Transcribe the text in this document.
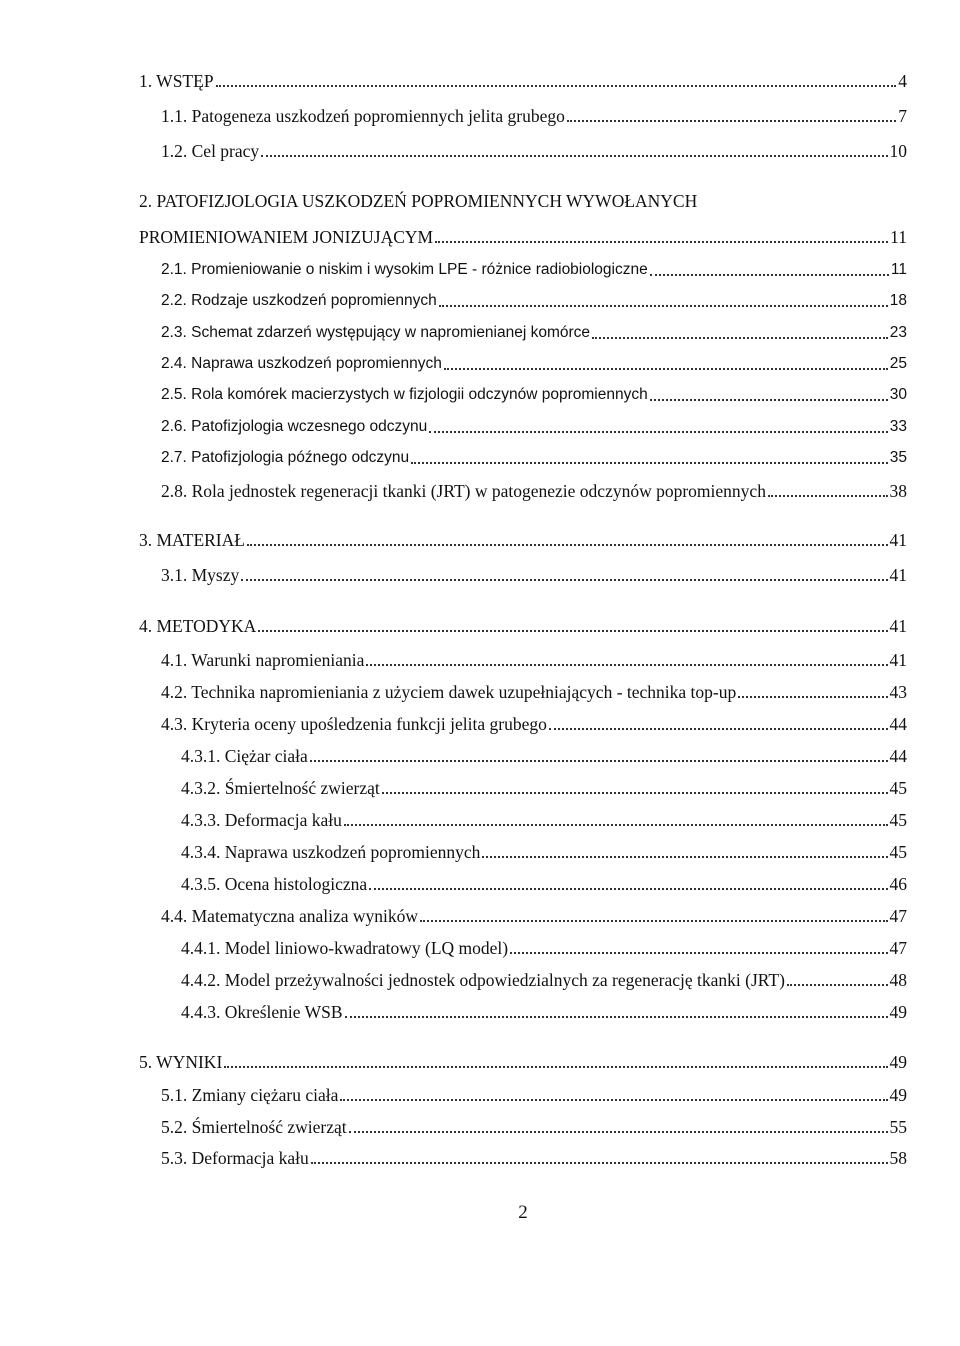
1. WSTĘP	4
1.1. Patogeneza uszkodzeń popromiennych jelita grubego	7
1.2. Cel pracy	10
2. PATOFIZJOLOGIA USZKODZEŃ POPROMIENNYCH WYWOŁANYCH
PROMIENIOWANIEM JONIZUJĄCYM	11
2.1. Promieniowanie o niskim i wysokim LPE - różnice radiobiologiczne	11
2.2. Rodzaje uszkodzeń popromiennych	18
2.3. Schemat zdarzeń występujący w napromienianej komórce	23
2.4. Naprawa uszkodzeń popromiennych	25
2.5. Rola komórek macierzystych w fizjologii odczynów popromiennych	30
2.6. Patofizjologia wczesnego odczynu	33
2.7. Patofizjologia późnego odczynu	35
2.8. Rola jednostek regeneracji tkanki (JRT) w patogenezie odczynów popromiennych	38
3. MATERIAŁ	41
3.1. Myszy	41
4. METODYKA	41
4.1. Warunki napromieniania	41
4.2. Technika napromieniania z użyciem dawek uzupełniających - technika top-up	43
4.3. Kryteria oceny upośledzenia funkcji jelita grubego	44
4.3.1. Ciężar ciała	44
4.3.2. Śmiertelność zwierząt	45
4.3.3. Deformacja kału	45
4.3.4. Naprawa uszkodzeń popromiennych	45
4.3.5. Ocena histologiczna	46
4.4. Matematyczna analiza wyników	47
4.4.1. Model liniowo-kwadratowy (LQ model)	47
4.4.2. Model przeżywalności jednostek odpowiedzialnych za regenerację tkanki (JRT)	48
4.4.3. Określenie WSB	49
5. WYNIKI	49
5.1. Zmiany ciężaru ciała	49
5.2. Śmiertelność zwierząt	55
5.3. Deformacja kału	58
2
